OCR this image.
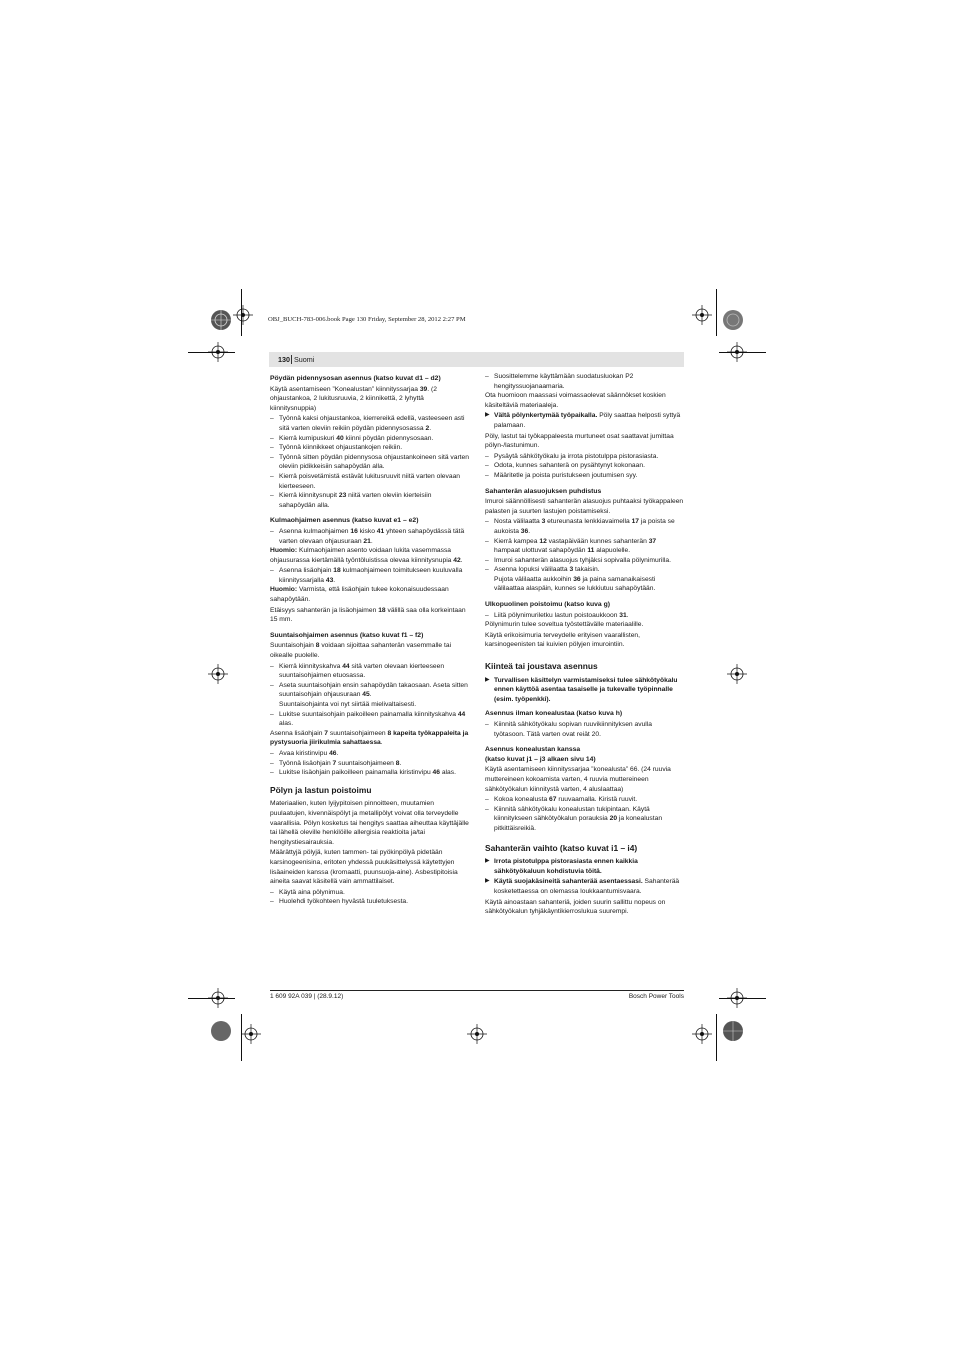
OBJ_BUCH-783-006.book Page 130 Friday, September 28, 2012 2:27 PM
130 Suomi
Pöydän pidennysosan asennus (katso kuvat d1 – d2)

Käytä asentamiseen ”Konealustan” kiinnityssarjaa 39. (2 ohjaustankoa, 2 lukitusruuvia, 2 kiinnikettä, 2 lyhyttä kiinnitysnuppia)

– Työnnä kaksi ohjaustankoa, kierrereikä edellä, vasteeseen asti sitä varten oleviin reikiin pöydän pidennysosassa 2.
– Kierrä kumipuskuri 40 kiinni pöydän pidennysosaan.
– Työnnä kiinnikkeet ohjaustankojen reikiin.
– Työnnä sitten pöydän pidennysosa ohjaustankoineen sitä varten oleviin pidikkeisiin sahapöydän alla.
– Kierrä poisvetämistä estävät lukitusruuvit niitä varten olevaan kierteeseen.
– Kierrä kiinnitysnupit 23 niitä varten oleviin kierteisiin sahapöydän alla.
Kulmaohjaimen asennus (katso kuvat e1 – e2)
– Asenna kulmaohjaimen 16 kisko 41 yhteen sahapöydässä tätä varten olevaan ohjausuraan 21.

Huomio: Kulmaohjaimen asento voidaan lukita vasemmassa ohjausurassa kiertämällä työntöluistissa olevaa kiinnitysnupia 42.

– Asenna lisäohjain 18 kulmaohjaimeen toimitukseen kuuluvalla kiinnityssarjalla 43.

Huomio: Varmista, että lisäohjain tukee kokonaisuudessaan sahapöytään.

Etäisyys sahanterän ja lisäohjaimen 18 välillä saa olla korkeintaan 15 mm.

Suuntaisohjaimen asennus (katso kuvat f1 – f2)

Suuntaisohjain 8 voidaan sijoittaa sahanterän vasemmalle tai oikealle puolelle.

– Kierrä kiinnityskahva 44 sitä varten olevaan kierteeseen suuntaisohjaimen etuosassa.
– Aseta suuntaisohjain ensin sahapöydän takaosaan. Aseta sitten suuntaisohjain ohjausuraan 45.
Suuntaisohjainta voi nyt siirtää mielivaltaisesti.
– Lukitse suuntaisohjain paikoilleen painamalla kiinnityskahva 44 alas.

Asenna lisäohjain 7 suuntaisohjaimeen 8 kapeita työkappaleita ja pystysuoria jiirikulmia sahattaessa.

– Avaa kiristinvipu 46.
– Työnnä lisäohjain 7 suuntaisohjaimeen 8.
– Lukitse lisäohjain paikoilleen painamalla kiristinvipu 46 alas.
Pölyn ja lastun poistoimu

Materiaalien, kuten lyijypitoisen pinnoitteen, muutamien puulaatujen, kivennäispölyt ja metallipölyt voivat olla terveydelle vaarallisia. Pölyn kosketus tai hengitys saattaa aiheuttaa käyttäjälle tai lähellä oleville henkilöille allergisia reaktioita ja/tai hengitystiesairauksia.

Määrättyjä pölyjä, kuten tammen- tai pyökinpölyä pidetään karsinogeenisina, eritoten yhdessä puukäsittelyssä käytettyjen lisäaineiden kanssa (kromaatti, puunsuoja-aine). Asbestipitoisia aineita saavat käsitellä vain ammattilaiset.

– Käytä aina pölynimua.
– Huolehdi työkohteen hyvästä tuuletuksesta.
– Suosittelemme käyttämään suodatusluokan P2 hengityssuojanaamaria.

Ota huomioon maassasi voimassaolevat säännökset koskien käsiteltäviä materiaaleja.

▶ Vältä pölynkertymää työpaikalla. Pöly saattaa helposti syttyä palamaan.

Pöly, lastut tai työkappaleesta murtuneet osat saattavat jumittaa pölyn-/lastunimun.

– Pysäytä sähkötyökalu ja irrota pistotulppa pistorasiasta.
– Odota, kunnes sahanterä on pysähtynyt kokonaan.
– Määritetle ja poista puristukseen joutumisen syy.
Sahanterän alasuojuksen puhdistus

Imuroi säännöllisesti sahanterän alasuojus puhtaaksi työkappaleen palasten ja suurten lastujen poistamiseksi.

– Nosta välilaatta 3 etureunasta lenkkiavaimella 17 ja poista se aukoista 36.
– Kierrä kampea 12 vastapäivään kunnes sahanterän 37 hampaat ulottuvat sahapöydän 11 alapuolelle.
– Imuroi sahanterän alasuojus tyhjäksi sopivalla pölynimurilla.
– Asenna lopuksi välilaatta 3 takaisin.
Pujota välilaatta aukkoihin 36 ja paina samanaikaisesti välilaattaa alaspäin, kunnes se lukkiutuu sahapöytään.
Ulkopuolinen poistoimu (katso kuva g)
– Liitä pölynimuriletku lastun poistoaukkoon 31.

Pölynimurin tulee soveltua työstettävälle materiaalille.

Käytä erikoisimuria terveydelle erityisen vaarallisten, karsinogeenisten tai kuivien pölyjen imurointiin.

Kiinteä tai joustava asennus
▶ Turvallisen käsittelyn varmistamiseksi tulee sähkötyökalu ennen käyttöä asentaa tasaiselle ja tukevalle työpinnalle (esim. työpenkki).
Asennus ilman konealustaa (katso kuva h)
– Kiinnitä sähkötyökalu sopivan ruuvikiinnityksen avulla työtasoon. Tätä varten ovat reiät 20.
Asennus konealustan kanssa
(katso kuvat j1 – j3 alkaen sivu 14)

Käytä asentamiseen kiinnityssarjaa ”konealusta” 66. (24 ruuvia muttereineen kokoamista varten, 4 ruuvia muttereineen sähkötyökalun kiinnitystä varten, 4 aluslaattaa)

– Kokoa konealusta 67 ruuvaamalla. Kiristä ruuvit.
– Kiinnitä sähkötyökalu konealustan tukipintaan. Käytä kiinnitykseen sähkötyökalun porauksia 20 ja konealustan pitkittäisreikiä.
Sahanterän vaihto (katso kuvat i1 – i4)
▶ Irrota pistotulppa pistorasiasta ennen kaikkia sähkötyökaluun kohdistuvia töitä.
▶ Käytä suojakäsineitä sahanterää asentaessasi. Sahanterää kosketettaessa on olemassa loukkaantumisvaara.

Käytä ainoastaan sahanteriä, joiden suurin sallittu nopeus on sähkötyökalun tyhjäkäyntikierroslukua suurempi.

1 609 92A 039 | (28.9.12)	Bosch Power Tools
